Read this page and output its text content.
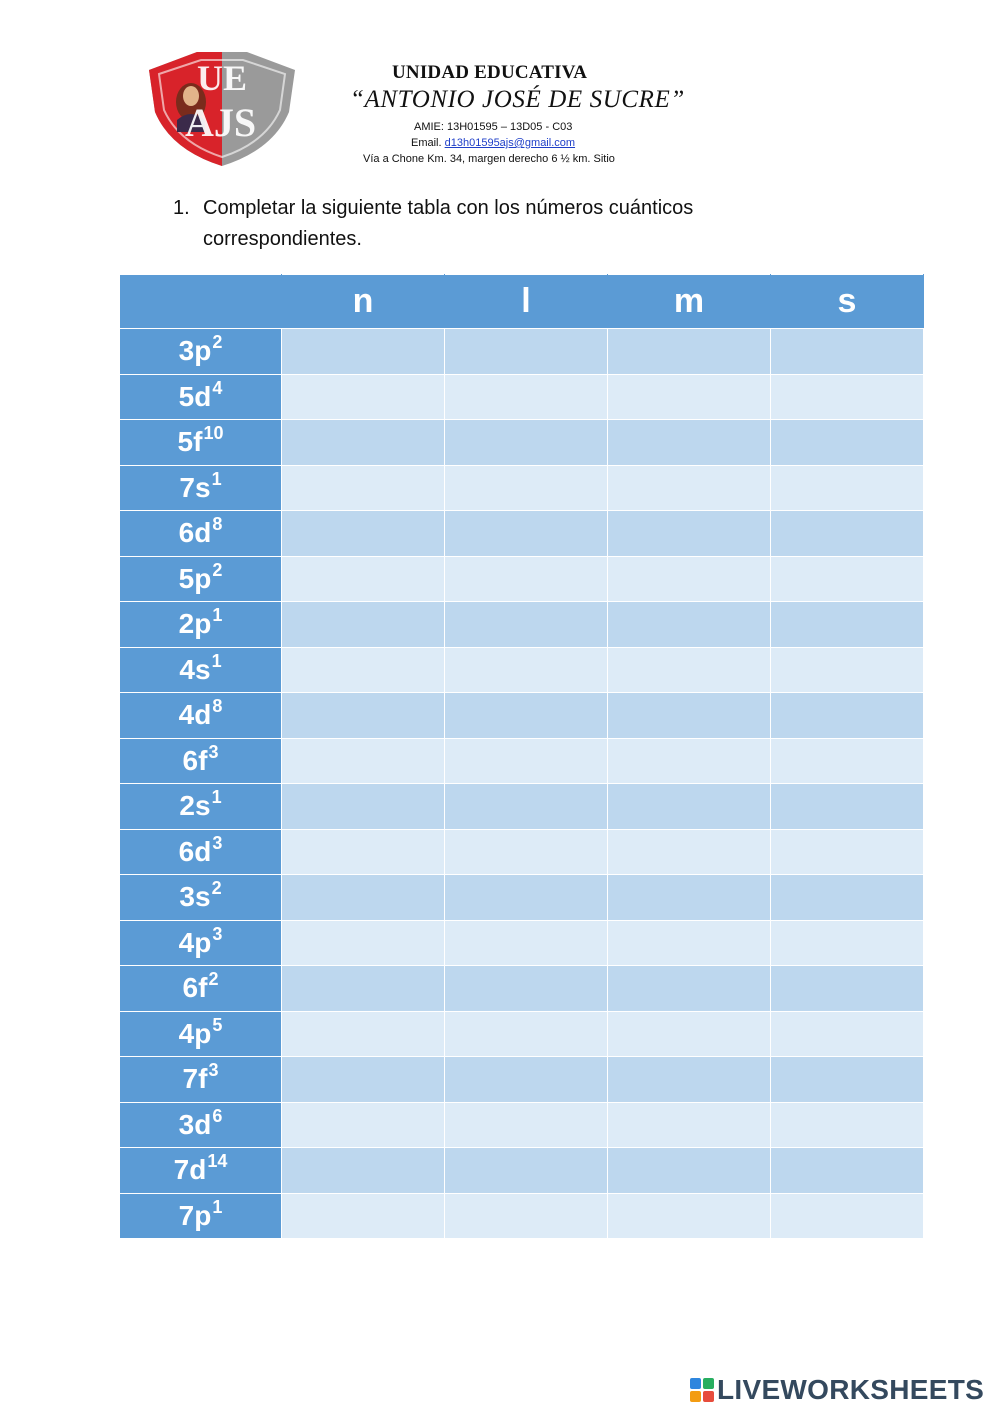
UE
AJS
UNIDAD EDUCATIVA
“ANTONIO JOSÉ DE SUCRE”
AMIE: 13H01595 – 13D05 - C03
Email. d13h01595ajs@gmail.com
Vía a Chone Km. 34, margen derecho 6 ½ km. Sitio
1. Completar la siguiente tabla con los números cuánticos correspondientes.
	n	l	m	s
$3p^2$				
$5d^4$				
$5f^{10}$				
$7s^1$				
$6d^8$				
$5p^2$				
$2p^1$				
$4s^1$				
$4d^8$				
$6f^3$				
$2s^1$				
$6d^3$				
$3s^2$				
$4p^3$				
$6f^2$				
$4p^5$				
$7f^3$				
$3d^6$				
$7d^{14}$				
$7p^1$				
LIVEWORKSHEETS
